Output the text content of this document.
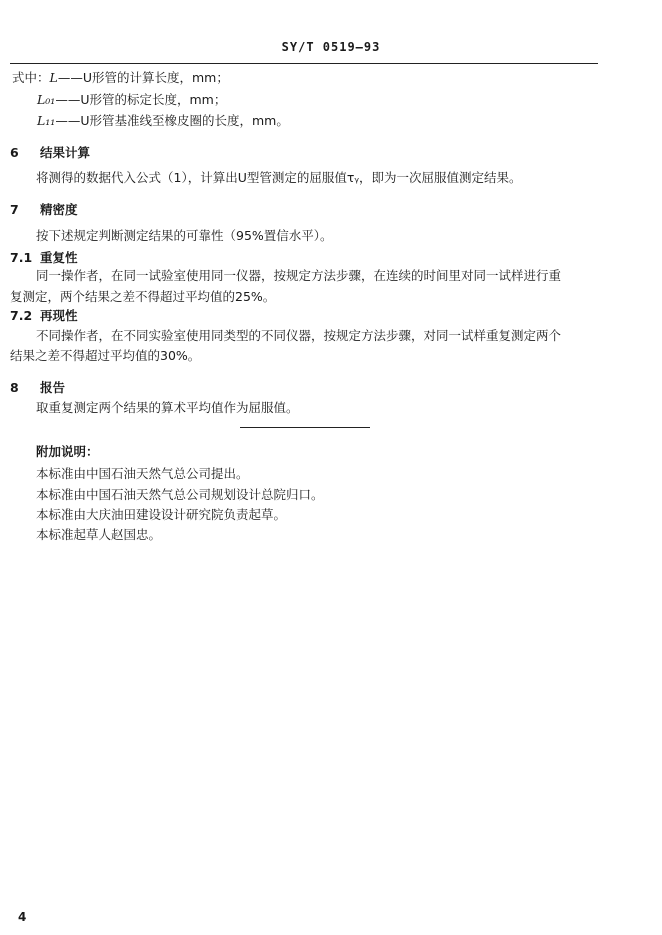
SY/T 0519—93
式中：L——U形管的计算长度，mm；
L₀₁——U形管的标定长度，mm；
L₁₁——U形管基准线至橡皮圈的长度，mm。
6 结果计算
将测得的数据代入公式（1），计算出U型管测定的屈服值τᵧ，即为一次屈服值测定结果。
7 精密度
按下述规定判断测定结果的可靠性（95%置信水平）。
7.1 重复性
同一操作者，在同一试验室使用同一仪器，按规定方法步骤，在连续的时间里对同一试样进行重
复测定，两个结果之差不得超过平均值的25%。
7.2 再现性
不同操作者，在不同实验室使用同类型的不同仪器，按规定方法步骤，对同一试样重复测定两个
结果之差不得超过平均值的30%。
8 报告
取重复测定两个结果的算术平均值作为屈服值。
附加说明：
本标准由中国石油天然气总公司提出。
本标准由中国石油天然气总公司规划设计总院归口。
本标准由大庆油田建设设计研究院负责起草。
本标准起草人赵国忠。
4
